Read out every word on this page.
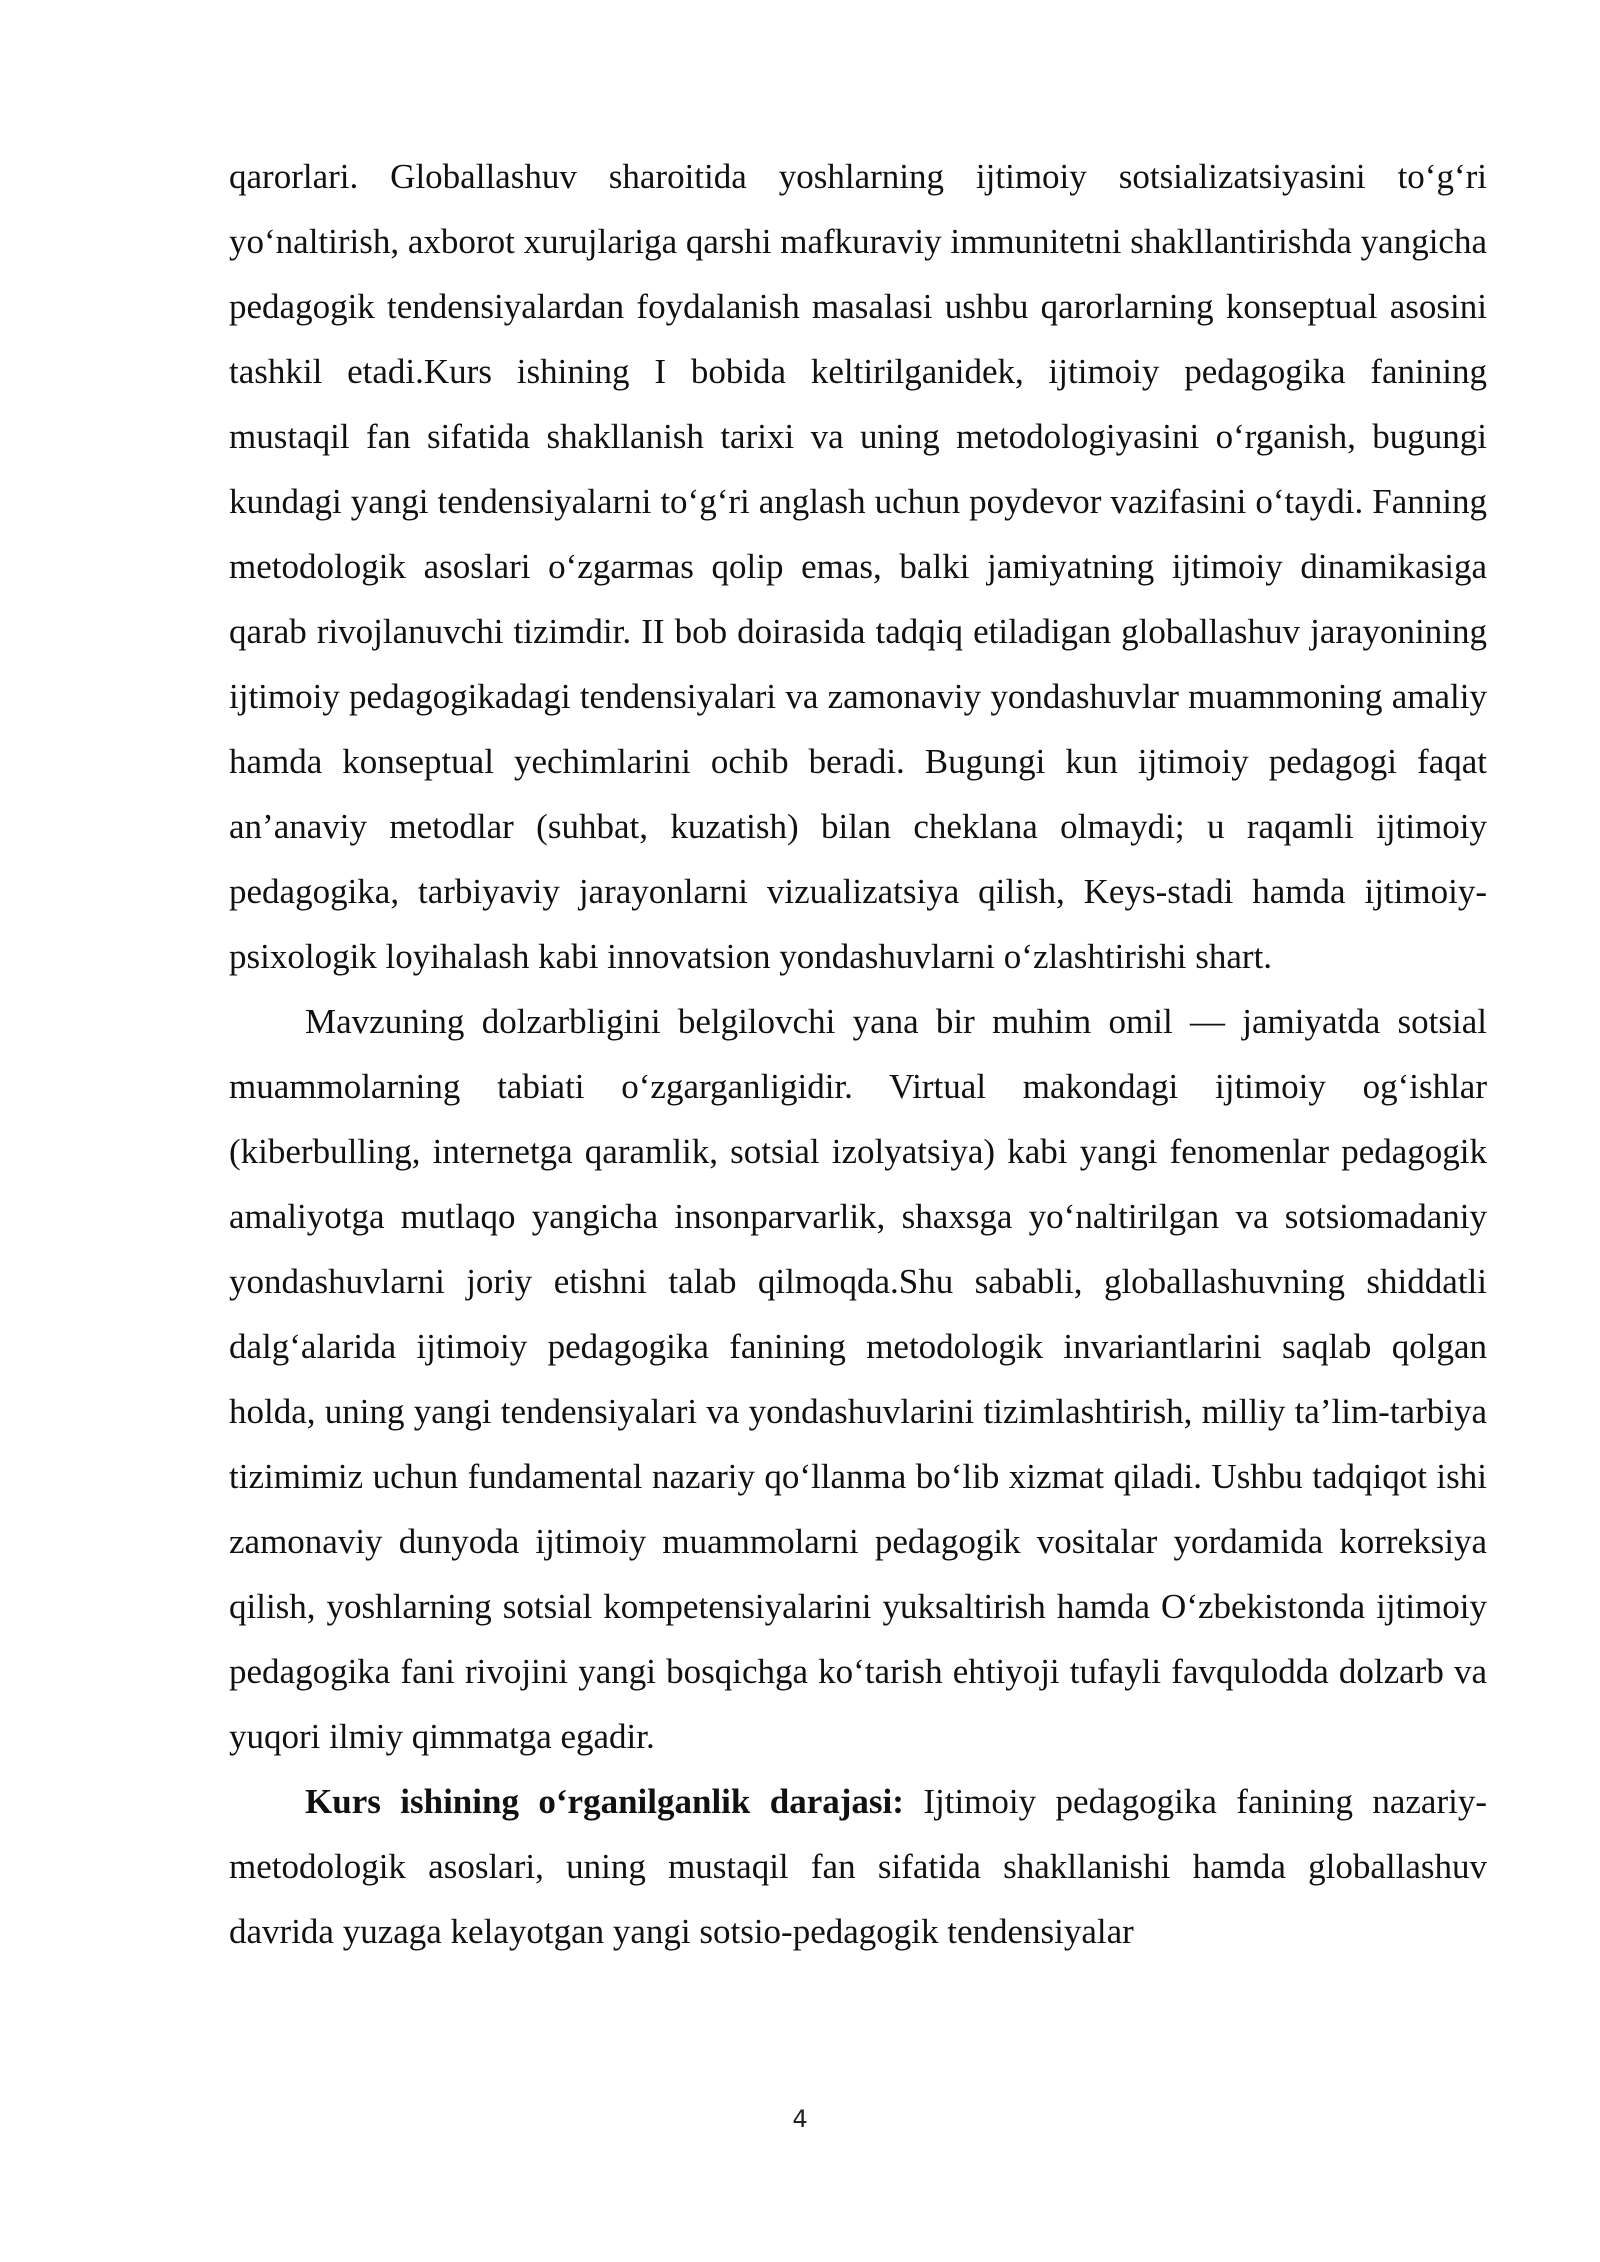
qarorlari. Globallashuv sharoitida yoshlarning ijtimoiy sotsializatsiyasini to‘g‘ri yo‘naltirish, axborot xurujlariga qarshi mafkuraviy immunitetni shakllantirishda yangicha pedagogik tendensiyalardan foydalanish masalasi ushbu qarorlarning konseptual asosini tashkil etadi.Kurs ishining I bobida keltirilganidek, ijtimoiy pedagogika fanining mustaqil fan sifatida shakllanish tarixi va uning metodologiyasini o‘rganish, bugungi kundagi yangi tendensiyalarni to‘g‘ri anglash uchun poydevor vazifasini o‘taydi. Fanning metodologik asoslari o‘zgarmas qolip emas, balki jamiyatning ijtimoiy dinamikasiga qarab rivojlanuvchi tizimdir. II bob doirasida tadqiq etiladigan globallashuv jarayonining ijtimoiy pedagogikadagi tendensiyalari va zamonaviy yondashuvlar muammoning amaliy hamda konseptual yechimlarini ochib beradi. Bugungi kun ijtimoiy pedagogi faqat an’anaviy metodlar (suhbat, kuzatish) bilan cheklana olmaydi; u raqamli ijtimoiy pedagogika, tarbiyaviy jarayonlarni vizualizatsiya qilish, Keys-stadi hamda ijtimoiy-psixologik loyihalash kabi innovatsion yondashuvlarni o‘zlashtirishi shart.

Mavzuning dolzarbligini belgilovchi yana bir muhim omil — jamiyatda sotsial muammolarning tabiati o‘zgarganligidir. Virtual makondagi ijtimoiy og‘ishlar (kiberbulling, internetga qaramlik, sotsial izolyatsiya) kabi yangi fenomenlar pedagogik amaliyotga mutlaqo yangicha insonparvarlik, shaxsga yo‘naltirilgan va sotsiomadaniy yondashuvlarni joriy etishni talab qilmoqda.Shu sababli, globallashuvning shiddatli dalg‘alarida ijtimoiy pedagogika fanining metodologik invariantlarini saqlab qolgan holda, uning yangi tendensiyalari va yondashuvlarini tizimlashtirish, milliy ta’lim-tarbiya tizimimiz uchun fundamental nazariy qo‘llanma bo‘lib xizmat qiladi. Ushbu tadqiqot ishi zamonaviy dunyoda ijtimoiy muammolarni pedagogik vositalar yordamida korreksiya qilish, yoshlarning sotsial kompetensiyalarini yuksaltirish hamda O‘zbekistonda ijtimoiy pedagogika fani rivojini yangi bosqichga ko‘tarish ehtiyoji tufayli favqulodda dolzarb va yuqori ilmiy qimmatga egadir.

Kurs ishining o‘rganilganlik darajasi: Ijtimoiy pedagogika fanining nazariy-metodologik asoslari, uning mustaqil fan sifatida shakllanishi hamda globallashuv davrida yuzaga kelayotgan yangi sotsio-pedagogik tendensiyalar

4
